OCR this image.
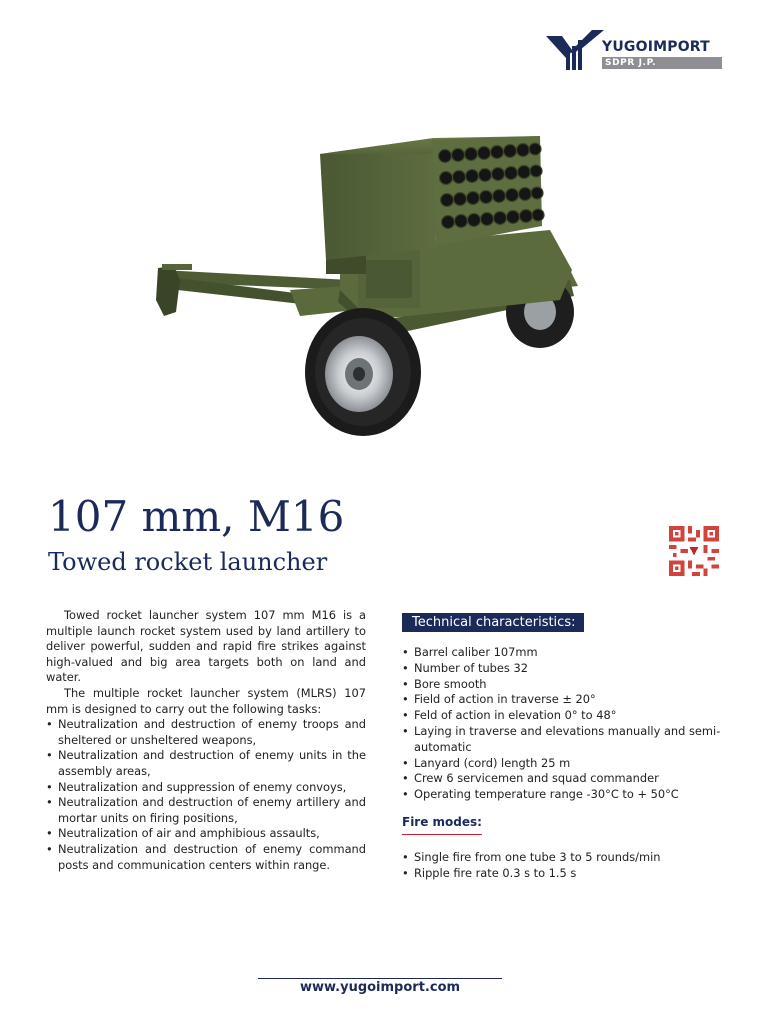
YUGOIMPORT
SDPR J.P.
107 mm, M16
Towed rocket launcher

Towed rocket launcher system 107 mm M16 is a multiple launch rocket system used by land artillery to deliver powerful, sudden and rapid fire strikes against high-valued and big area targets both on land and water.

The multiple rocket launcher system (MLRS) 107 mm is designed to carry out the following tasks:

• Neutralization and destruction of enemy troops and sheltered or unsheltered weapons,
• Neutralization and destruction of enemy units in the assembly areas,
• Neutralization and suppression of enemy convoys,
• Neutralization and destruction of enemy artillery and mortar units on firing positions,
• Neutralization of air and amphibious assaults,
• Neutralization and destruction of enemy command posts and communication centers within range.
Technical characteristics:
• Barrel caliber 107mm
• Number of tubes 32
• Bore smooth
• Field of action in traverse ± 20°
• Feld of action in elevation 0° to 48°
• Laying in traverse and elevations manually and semi-automatic
• Lanyard (cord) length 25 m
• Crew 6 servicemen and squad commander
• Operating temperature range -30°C to + 50°C
Fire modes:
• Single fire from one tube 3 to 5 rounds/min
• Ripple fire rate 0.3 s to 1.5 s
www.yugoimport.com
